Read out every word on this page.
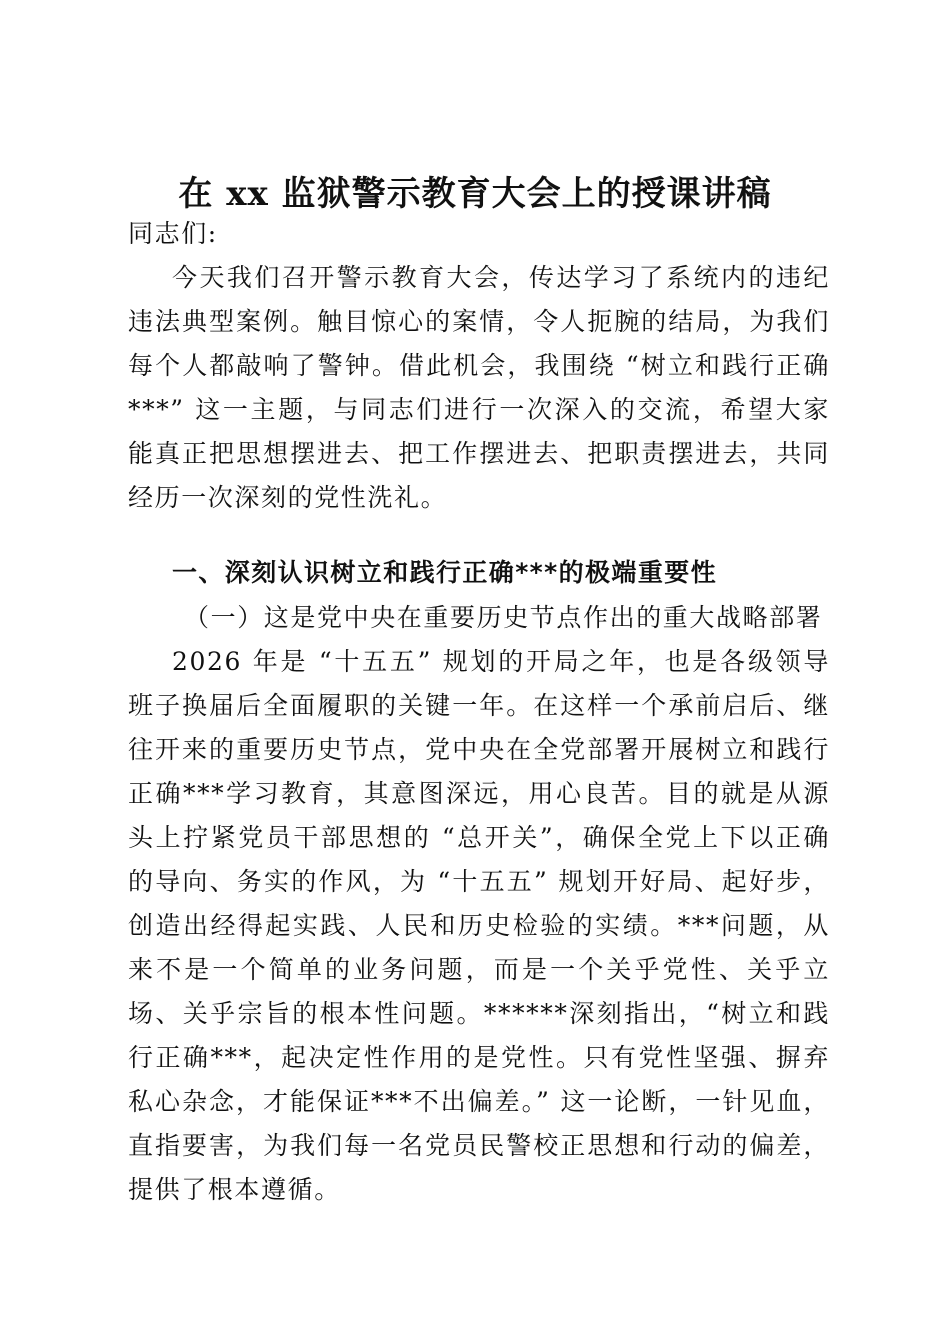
在 xx 监狱警示教育大会上的授课讲稿
同志们:
今天我们召开警示教育大会，传达学习了系统内的违纪违法典型案例。触目惊心的案情，令人扼腕的结局，为我们每个人都敲响了警钟。借此机会，我围绕 “树立和践行正确***” 这一主题，与同志们进行一次深入的交流，希望大家能真正把思想摆进去、把工作摆进去、把职责摆进去，共同经历一次深刻的党性洗礼。
一、深刻认识树立和践行正确***的极端重要性
（一）这是党中央在重要历史节点作出的重大战略部署
2026 年是 “十五五” 规划的开局之年，也是各级领导班子换届后全面履职的关键一年。在这样一个承前启后、继往开来的重要历史节点，党中央在全党部署开展树立和践行正确***学习教育，其意图深远，用心良苦。目的就是从源头上拧紧党员干部思想的 “总开关”，确保全党上下以正确的导向、务实的作风，为 “十五五” 规划开好局、起好步，创造出经得起实践、人民和历史检验的实绩。***问题，从来不是一个简单的业务问题，而是一个关乎党性、关乎立场、关乎宗旨的根本性问题。******深刻指出，“树立和践行正确***，起决定性作用的是党性。只有党性坚强、摒弃私心杂念，才能保证***不出偏差。” 这一论断，一针见血，直指要害，为我们每一名党员民警校正思想和行动的偏差，提供了根本遵循。
